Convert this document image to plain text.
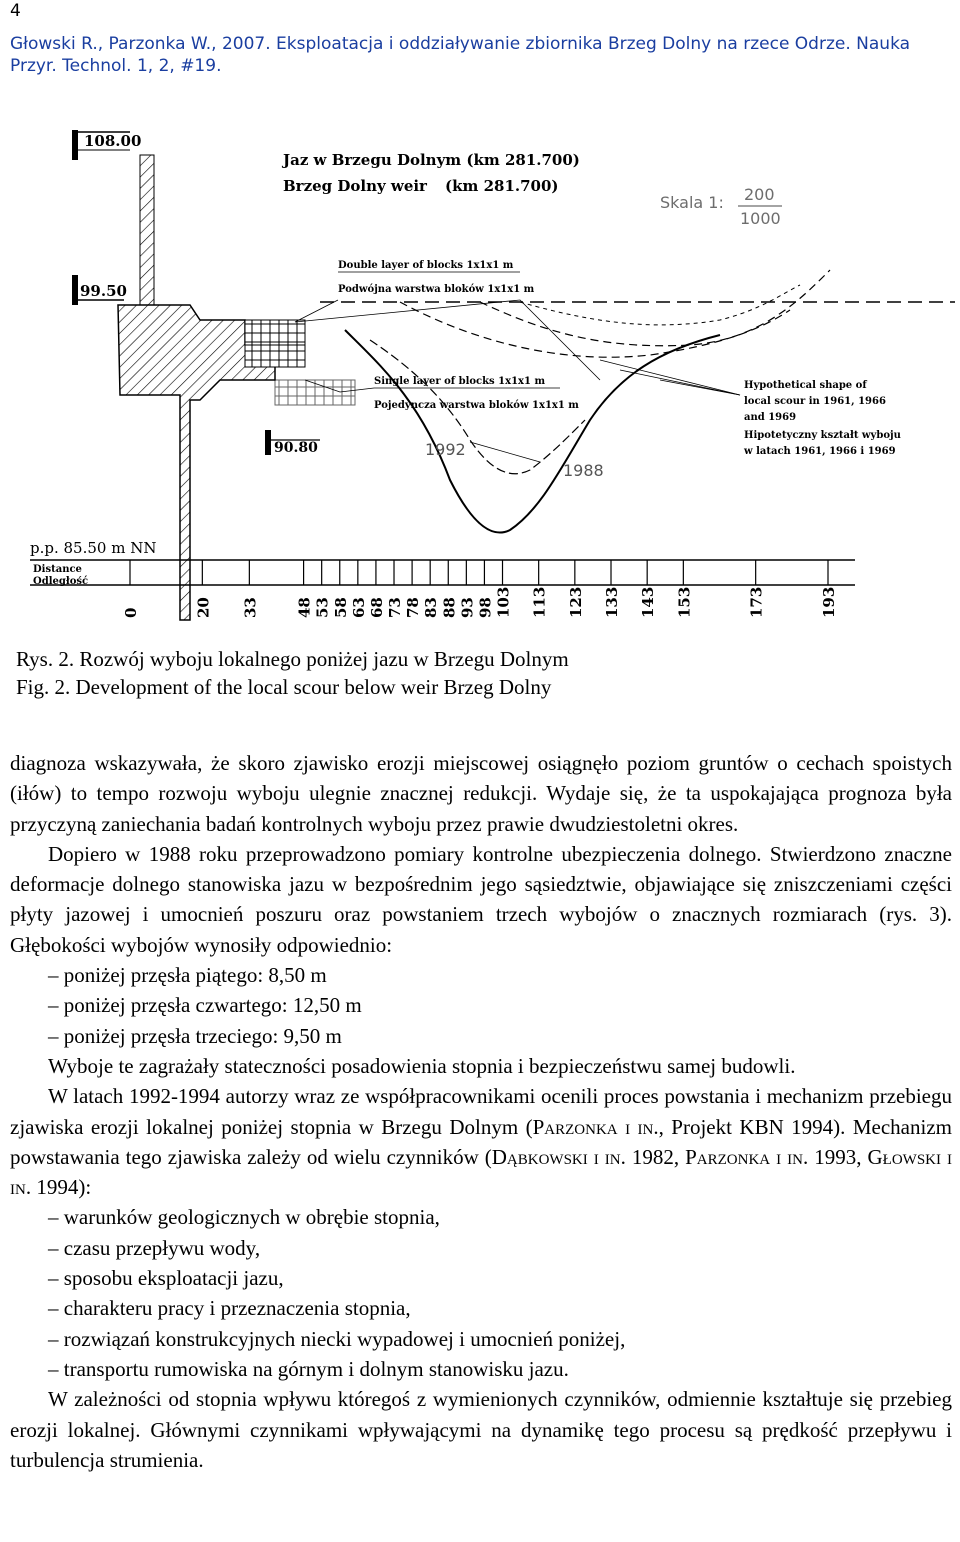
4
Głowski R., Parzonka W., 2007. Eksploatacja i oddziaływanie zbiornika Brzeg Dolny na rzece Odrze. Nauka Przyr. Technol. 1, 2, #19.
108.00
99.50
90.80
Jaz w Brzegu Dolnym (km 281.700)
Brzeg Dolny weir (km 281.700)
Skala 1: 200
1000
Double layer of blocks 1x1x1 m
Podwójna warstwa bloków 1x1x1 m
Single layer of blocks 1x1x1 m
Pojedyncza warstwa bloków 1x1x1 m
Hypothetical shape of
local scour in 1961, 1966
and 1969
Hipotetyczny kształt wyboju
w latach 1961, 1966 i 1969
1992
1988
p.p. 85.50 m NN
Distance
Odległość
0	20 33 48 53 58 63 68 73 78 83 88 93 98 103 113 123 133 143 153	173	193
Rys. 2. Rozwój wyboju lokalnego poniżej jazu w Brzegu Dolnym
Fig. 2. Development of the local scour below weir Brzeg Dolny

diagnoza wskazywała, że skoro zjawisko erozji miejscowej osiągnęło poziom gruntów o cechach spoistych (iłów) to tempo rozwoju wyboju ulegnie znacznej redukcji. Wydaje się, że ta uspokajająca prognoza była przyczyną zaniechania badań kontrolnych wyboju przez prawie dwudziestoletni okres.

Dopiero w 1988 roku przeprowadzono pomiary kontrolne ubezpieczenia dolnego. Stwierdzono znaczne deformacje dolnego stanowiska jazu w bezpośrednim jego sąsiedztwie, objawiające się zniszczeniami części płyty jazowej i umocnień poszuru oraz powstaniem trzech wybojów o znacznych rozmiarach (rys. 3). Głębokości wybojów wynosiły odpowiednio:

– poniżej przęsła piątego: 8,50 m

– poniżej przęsła czwartego: 12,50 m

– poniżej przęsła trzeciego: 9,50 m

Wyboje te zagrażały stateczności posadowienia stopnia i bezpieczeństwu samej budowli.

W latach 1992-1994 autorzy wraz ze współpracownikami ocenili proces powstania i mechanizm przebiegu zjawiska erozji lokalnej poniżej stopnia w Brzegu Dolnym (Parzonka i in., Projekt KBN 1994). Mechanizm powstawania tego zjawiska zależy od wielu czynników (Dąbkowski i in. 1982, Parzonka i in. 1993, Głowski i in. 1994):

– warunków geologicznych w obrębie stopnia,

– czasu przepływu wody,

– sposobu eksploatacji jazu,

– charakteru pracy i przeznaczenia stopnia,

– rozwiązań konstrukcyjnych niecki wypadowej i umocnień poniżej,

– transportu rumowiska na górnym i dolnym stanowisku jazu.

W zależności od stopnia wpływu któregoś z wymienionych czynników, odmiennie kształtuje się przebieg erozji lokalnej. Głównymi czynnikami wpływającymi na dynamikę tego procesu są prędkość przepływu i turbulencja strumienia.
